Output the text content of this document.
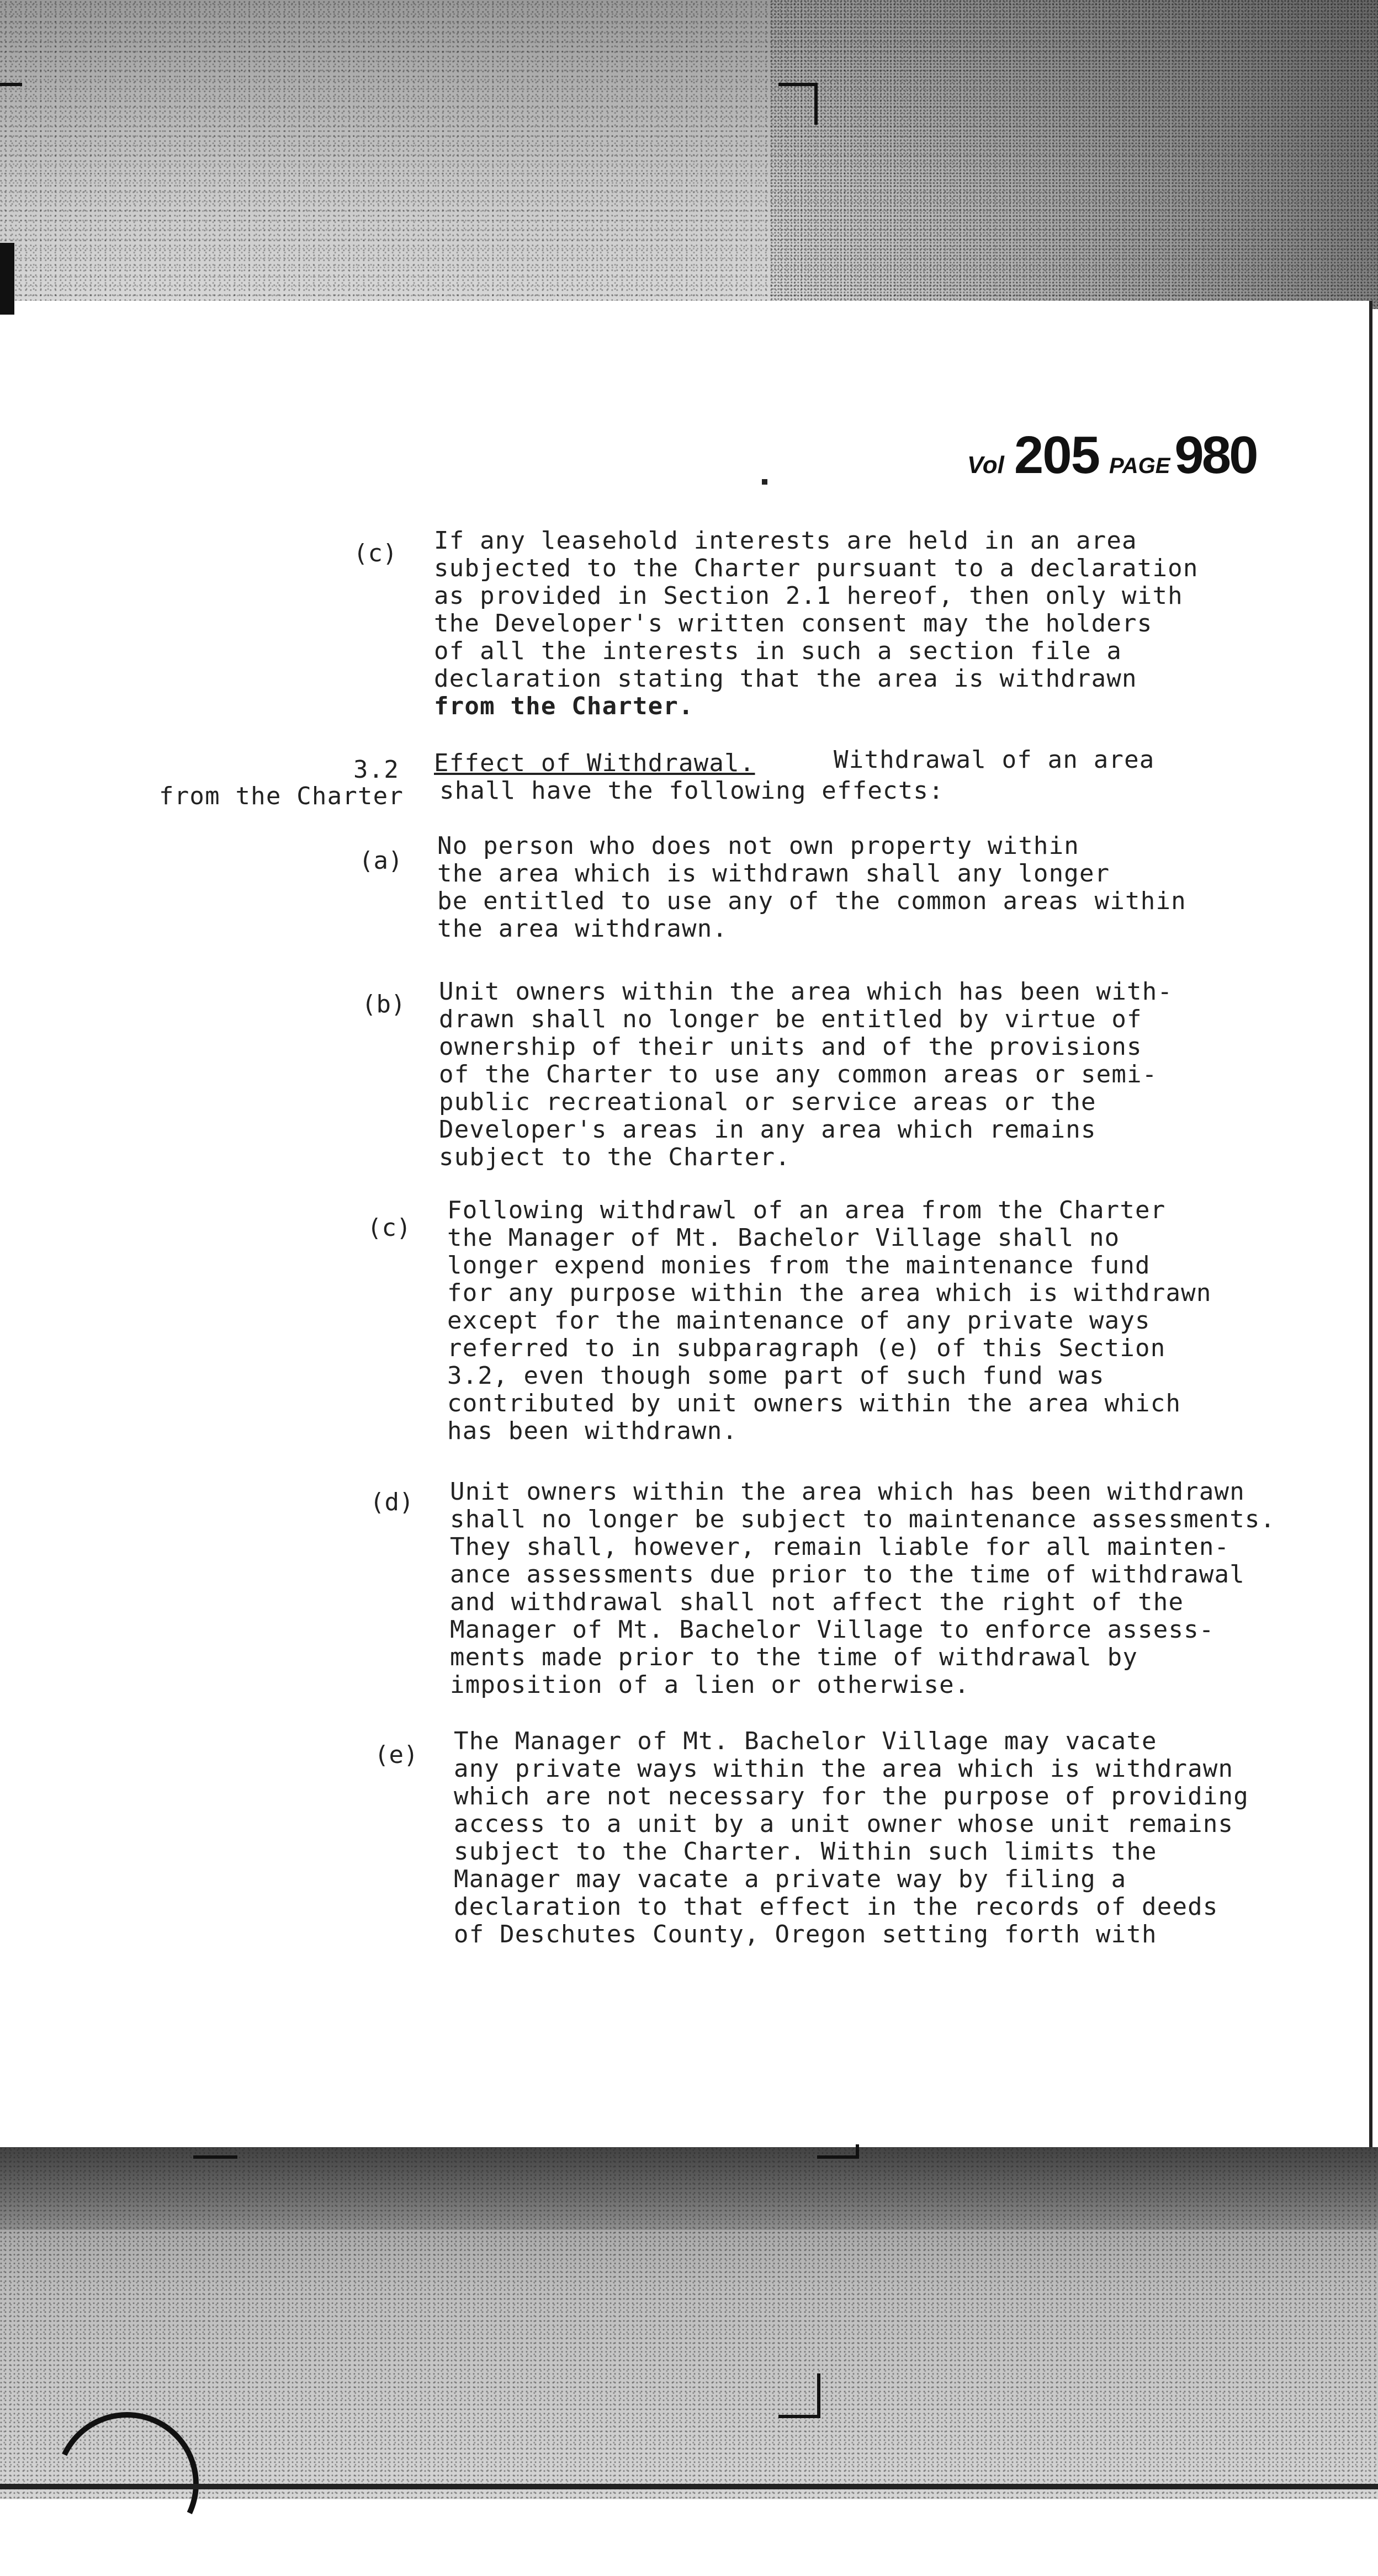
Vol 205 PAGE 980
(c) If any leasehold interests are held in an area
subjected to the Charter pursuant to a declaration
as provided in Section 2.1 hereof, then only with
the Developer's written consent may the holders
of all the interests in such a section file a
declaration stating that the area is withdrawn
from the Charter.
3.2 Effect of Withdrawal.	Withdrawal of an area
from the Charter shall have the following effects:
(a)
No person who does not own property within
the area which is withdrawn shall any longer
be entitled to use any of the common areas within
the area withdrawn.
(b) Unit owners within the area which has been with-
drawn shall no longer be entitled by virtue of
ownership of their units and of the provisions
of the Charter to use any common areas or semi-
public recreational or service areas or the
Developer's areas in any area which remains
subject to the Charter.
(c)
Following withdrawl of an area from the Charter
the Manager of Mt. Bachelor Village shall no
longer expend monies from the maintenance fund
for any purpose within the area which is withdrawn
except for the maintenance of any private ways
referred to in subparagraph (e) of this Section
3.2, even though some part of such fund was
contributed by unit owners within the area which
has been withdrawn.
(d) Unit owners within the area which has been withdrawn
shall no longer be subject to maintenance assessments.
They shall, however, remain liable for all mainten-
ance assessments due prior to the time of withdrawal
and withdrawal shall not affect the right of the
Manager of Mt. Bachelor Village to enforce assess-
ments made prior to the time of withdrawal by
imposition of a lien or otherwise.
(e) The Manager of Mt. Bachelor Village may vacate
any private ways within the area which is withdrawn
which are not necessary for the purpose of providing
access to a unit by a unit owner whose unit remains
subject to the Charter. Within such limits the
Manager may vacate a private way by filing a
declaration to that effect in the records of deeds
of Deschutes County, Oregon setting forth with
